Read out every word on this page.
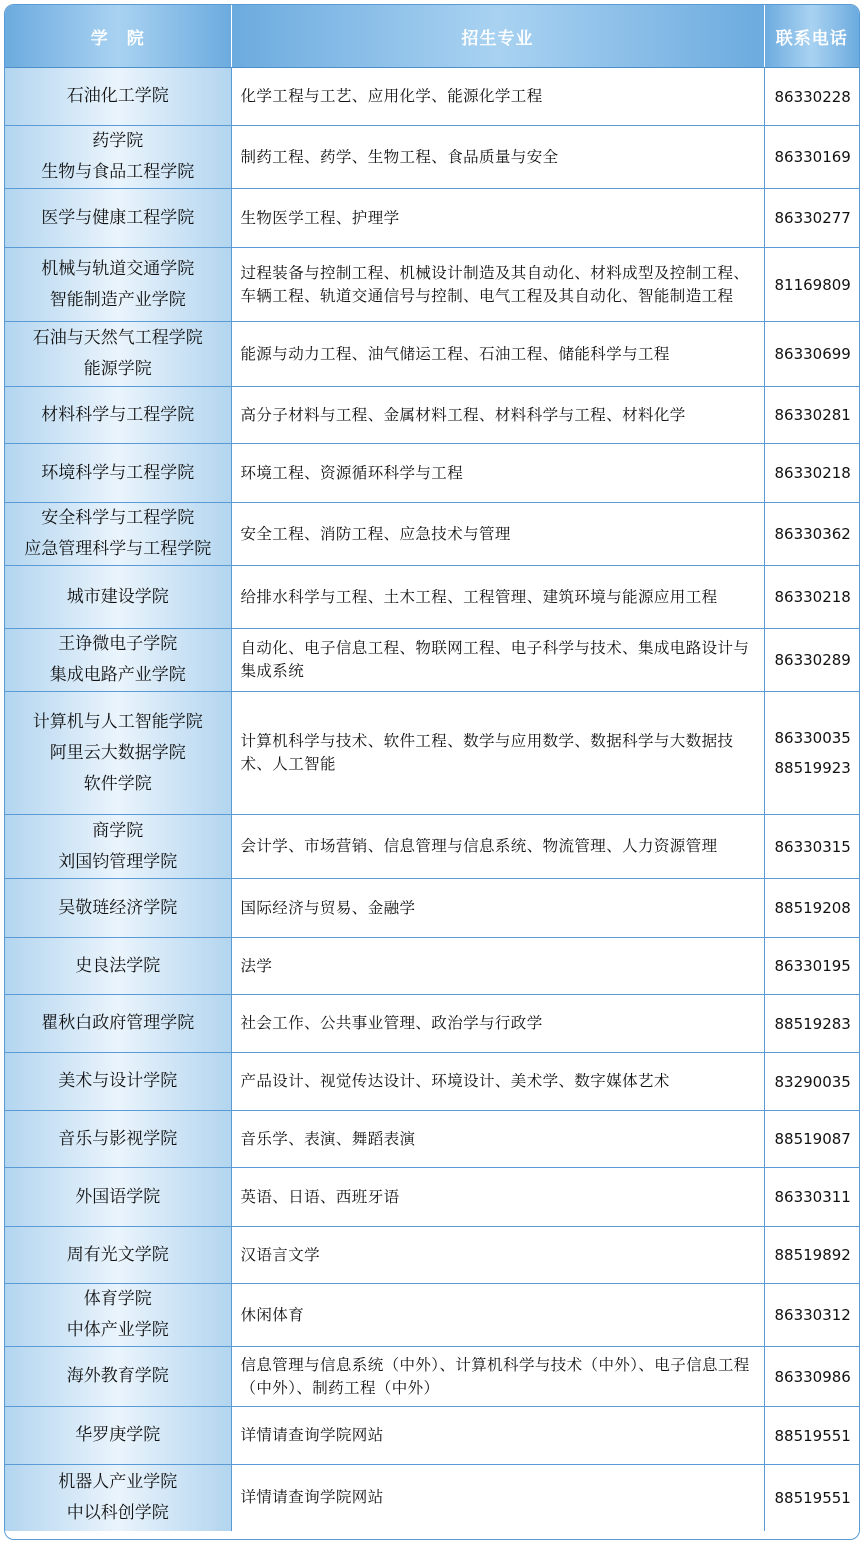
学　院	招生专业	联系电话

石油化工学院	化学工程与工艺、应用化学、能源化学工程	86330228

药学院
生物与食品工程学院	制药工程、药学、生物工程、食品质量与安全	86330169

医学与健康工程学院	生物医学工程、护理学	86330277

机械与轨道交通学院
智能制造产业学院	过程装备与控制工程、机械设计制造及其自动化、材料成型及控制工程、车辆工程、轨道交通信号与控制、电气工程及其自动化、智能制造工程	81169809

石油与天然气工程学院
能源学院	能源与动力工程、油气储运工程、石油工程、储能科学与工程	86330699

材料科学与工程学院	高分子材料与工程、金属材料工程、材料科学与工程、材料化学	86330281

环境科学与工程学院	环境工程、资源循环科学与工程	86330218

安全科学与工程学院
应急管理科学与工程学院	安全工程、消防工程、应急技术与管理	86330362

城市建设学院	给排水科学与工程、土木工程、工程管理、建筑环境与能源应用工程	86330218

王诤微电子学院
集成电路产业学院	自动化、电子信息工程、物联网工程、电子科学与技术、集成电路设计与集成系统	86330289

计算机与人工智能学院
阿里云大数据学院
软件学院	计算机科学与技术、软件工程、数学与应用数学、数据科学与大数据技术、人工智能	86330035
88519923

商学院
刘国钧管理学院	会计学、市场营销、信息管理与信息系统、物流管理、人力资源管理	86330315

吴敬琏经济学院	国际经济与贸易、金融学	88519208

史良法学院	法学	86330195

瞿秋白政府管理学院	社会工作、公共事业管理、政治学与行政学	88519283

美术与设计学院	产品设计、视觉传达设计、环境设计、美术学、数字媒体艺术	83290035

音乐与影视学院	音乐学、表演、舞蹈表演	88519087

外国语学院	英语、日语、西班牙语	86330311

周有光文学院	汉语言文学	88519892

体育学院
中体产业学院	休闲体育	86330312

海外教育学院	信息管理与信息系统（中外）、计算机科学与技术（中外）、电子信息工程（中外）、制药工程（中外）	86330986

华罗庚学院	详情请查询学院网站	88519551

机器人产业学院
中以科创学院	详情请查询学院网站	88519551
